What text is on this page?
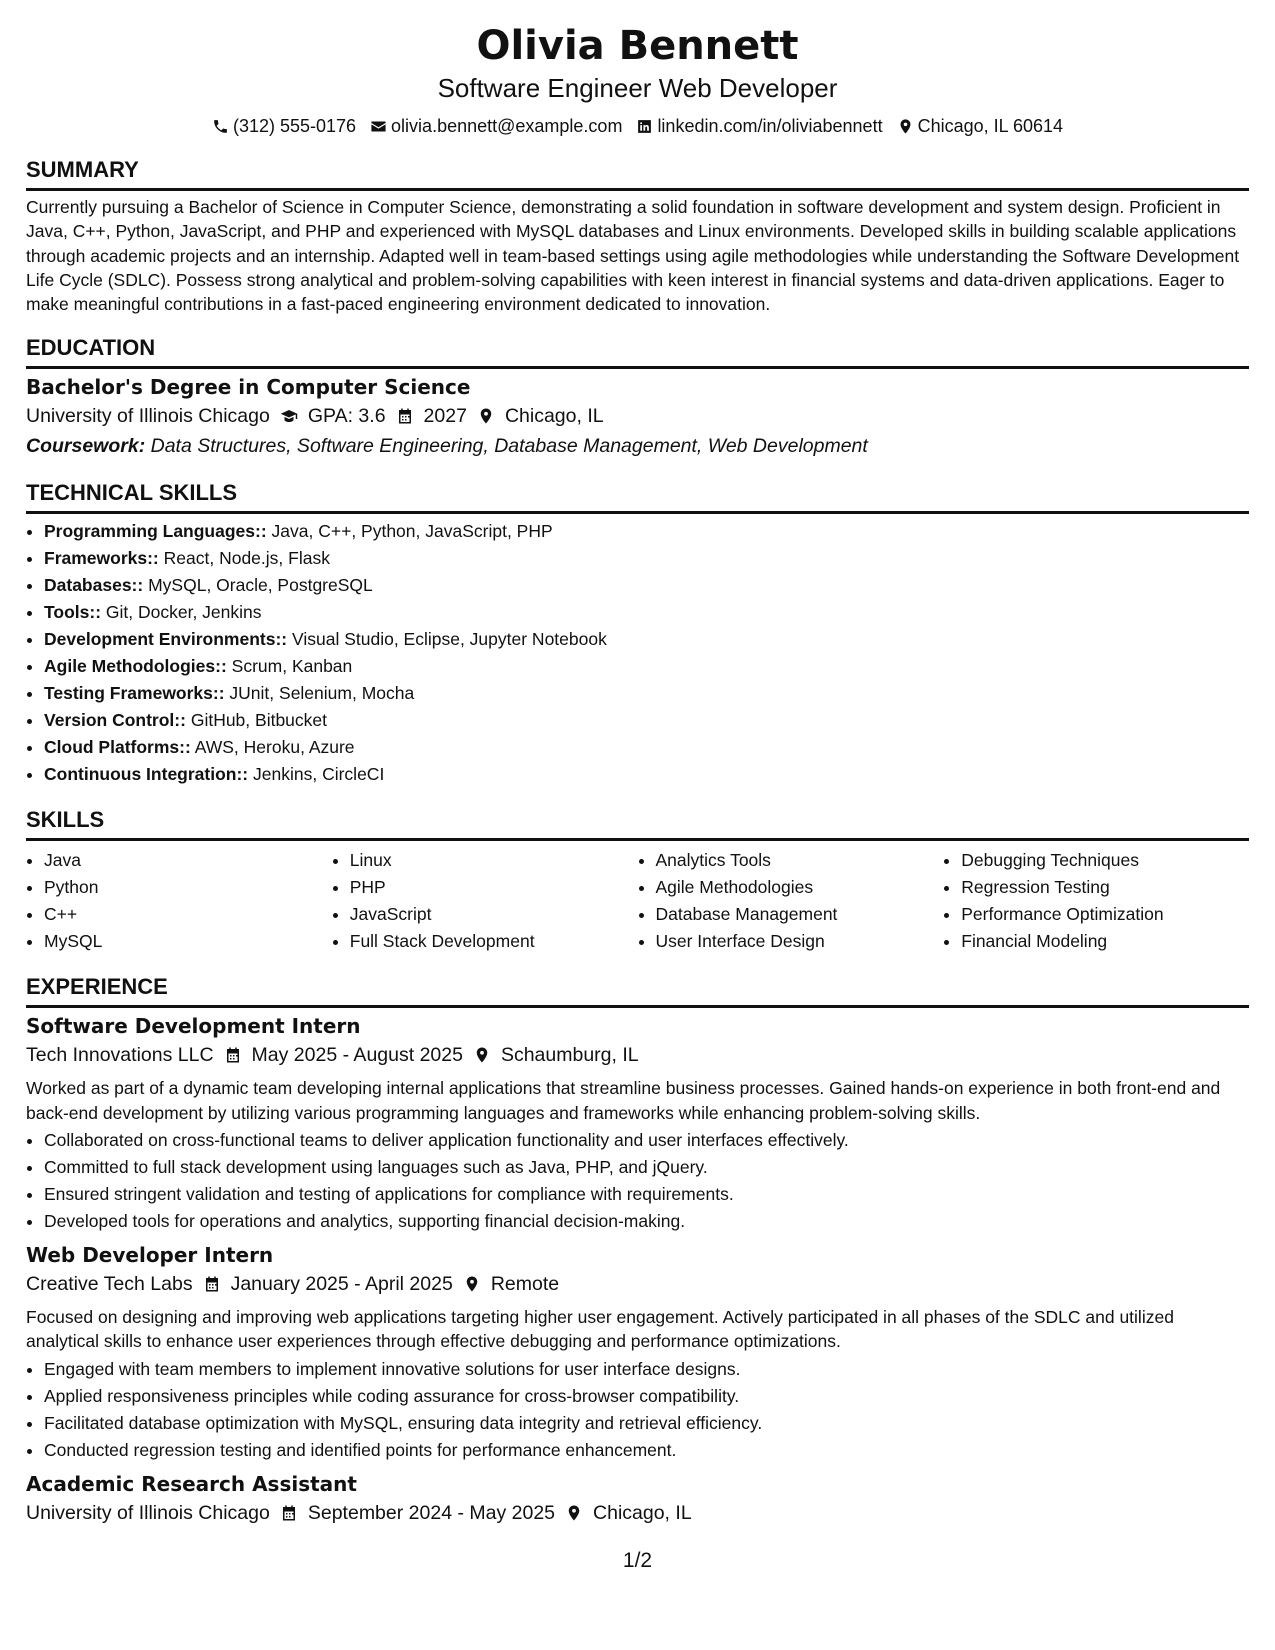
Olivia Bennett
Software Engineer Web Developer
(312) 555-0176 olivia.bennett@example.com linkedin.com/in/oliviabennett Chicago, IL 60614
SUMMARY

Currently pursuing a Bachelor of Science in Computer Science, demonstrating a solid foundation in software development and system design. Proficient in Java, C++, Python, JavaScript, and PHP and experienced with MySQL databases and Linux environments. Developed skills in building scalable applications through academic projects and an internship. Adapted well in team-based settings using agile methodologies while understanding the Software Development Life Cycle (SDLC). Possess strong analytical and problem-solving capabilities with keen interest in financial systems and data-driven applications. Eager to make meaningful contributions in a fast-paced engineering environment dedicated to innovation.

EDUCATION
Bachelor's Degree in Computer Science
University of Illinois Chicago GPA: 3.6 2027 Chicago, IL
Coursework: Data Structures, Software Engineering, Database Management, Web Development
TECHNICAL SKILLS
• Programming Languages:: Java, C++, Python, JavaScript, PHP
• Frameworks:: React, Node.js, Flask
• Databases:: MySQL, Oracle, PostgreSQL
• Tools:: Git, Docker, Jenkins
• Development Environments:: Visual Studio, Eclipse, Jupyter Notebook
• Agile Methodologies:: Scrum, Kanban
• Testing Frameworks:: JUnit, Selenium, Mocha
• Version Control:: GitHub, Bitbucket
• Cloud Platforms:: AWS, Heroku, Azure
• Continuous Integration:: Jenkins, CircleCI
SKILLS
• Java
• Python
• C++
• MySQL
• Linux
• PHP
• JavaScript
• Full Stack Development
• Analytics Tools
• Agile Methodologies
• Database Management
• User Interface Design
• Debugging Techniques
• Regression Testing
• Performance Optimization
• Financial Modeling
EXPERIENCE
Software Development Intern
Tech Innovations LLC May 2025 - August 2025 Schaumburg, IL

Worked as part of a dynamic team developing internal applications that streamline business processes. Gained hands-on experience in both front-end and back-end development by utilizing various programming languages and frameworks while enhancing problem-solving skills.

• Collaborated on cross-functional teams to deliver application functionality and user interfaces effectively.
• Committed to full stack development using languages such as Java, PHP, and jQuery.
• Ensured stringent validation and testing of applications for compliance with requirements.
• Developed tools for operations and analytics, supporting financial decision-making.
Web Developer Intern
Creative Tech Labs January 2025 - April 2025 Remote

Focused on designing and improving web applications targeting higher user engagement. Actively participated in all phases of the SDLC and utilized analytical skills to enhance user experiences through effective debugging and performance optimizations.

• Engaged with team members to implement innovative solutions for user interface designs.
• Applied responsiveness principles while coding assurance for cross-browser compatibility.
• Facilitated database optimization with MySQL, ensuring data integrity and retrieval efficiency.
• Conducted regression testing and identified points for performance enhancement.
Academic Research Assistant
University of Illinois Chicago September 2024 - May 2025 Chicago, IL
1/2
